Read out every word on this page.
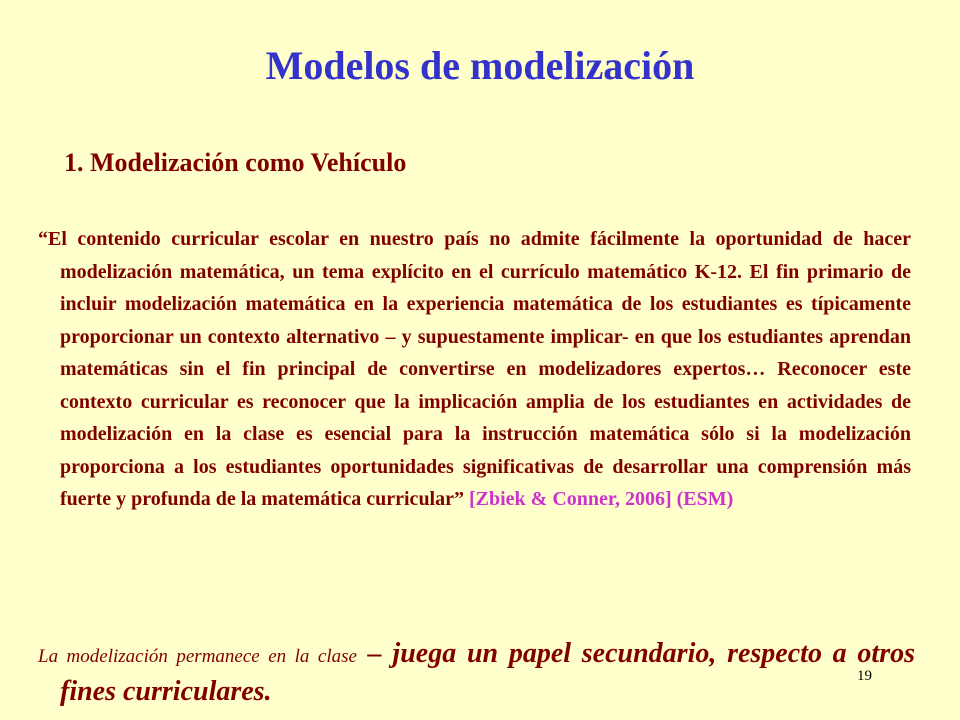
Modelos de modelización
1. Modelización como Vehículo

“El contenido curricular escolar en nuestro país no admite fácilmente la oportunidad de hacer modelización matemática, un tema explícito en el currículo matemático K-12. El fin primario de incluir modelización matemática en la experiencia matemática de los estudiantes es típicamente proporcionar un contexto alternativo – y supuestamente implicar- en que los estudiantes aprendan matemáticas sin el fin principal de convertirse en modelizadores expertos… Reconocer este contexto curricular es reconocer que la implicación amplia de los estudiantes en actividades de modelización en la clase es esencial para la instrucción matemática sólo si la modelización proporciona a los estudiantes oportunidades significativas de desarrollar una comprensión más fuerte y profunda de la matemática curricular” [Zbiek & Conner, 2006] (ESM)

La modelización permanece en la clase – juega un papel secundario, respecto a otros fines curriculares.	19
